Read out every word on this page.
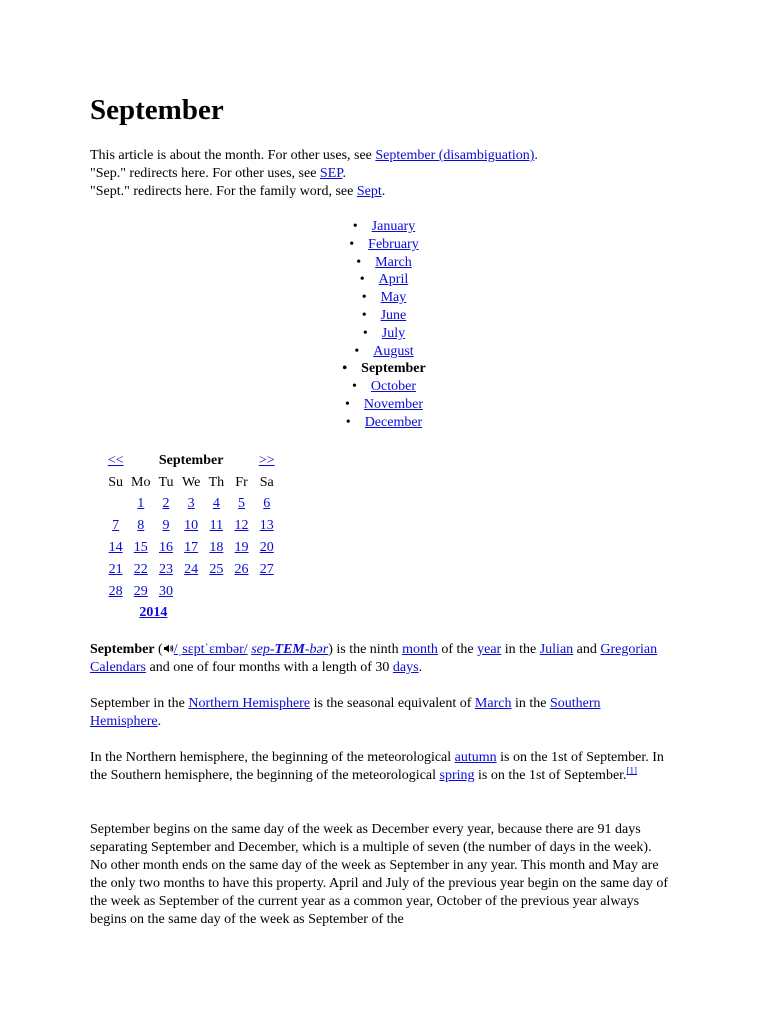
September
This article is about the month. For other uses, see September (disambiguation).
"Sep." redirects here. For other uses, see SEP.
"Sept." redirects here. For the family word, see Sept.
• January
• February
• March
• April
• May
• June
• July
• August
• September
• October
• November
• December
<<	September					>>
Su	Mo	Tu	We	Th	Fr	Sa
	1	2	3	4	5	6
7	8	9	10	11	12	13
14	15	16	17	18	19	20
21	22	23	24	25	26	27
28	29	30				
2014						

September ( /ˌsɛptˈɛmbər/ sep-TEM-bər) is the ninth month of the year in the Julian and Gregorian Calendars and one of four months with a length of 30 days.

September in the Northern Hemisphere is the seasonal equivalent of March in the Southern Hemisphere.

In the Northern hemisphere, the beginning of the meteorological autumn is on the 1st of September. In the Southern hemisphere, the beginning of the meteorological spring is on the 1st of September.[1]

September begins on the same day of the week as December every year, because there are 91 days separating September and December, which is a multiple of seven (the number of days in the week). No other month ends on the same day of the week as September in any year. This month and May are the only two months to have this property. April and July of the previous year begin on the same day of the week as September of the current year as a common year, October of the previous year always begins on the same day of the week as September of the
